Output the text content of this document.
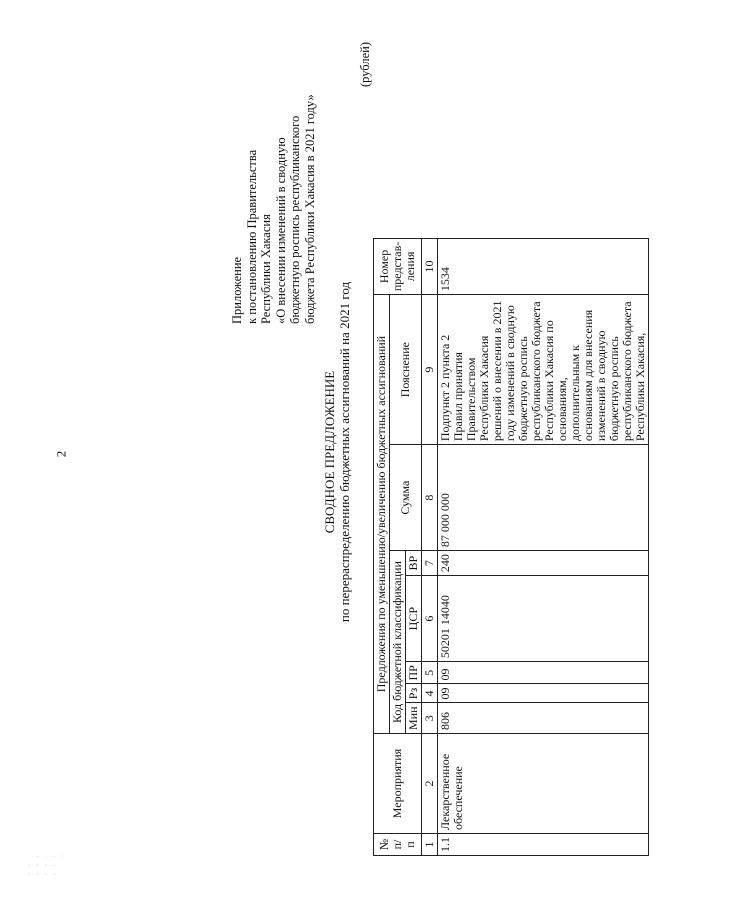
2
Приложение к постановлению Правительства Республики Хакасия «О внесении изменений в сводную бюджетную роспись республиканского бюджета Республики Хакасия в 2021 году»
СВОДНОЕ ПРЕДЛОЖЕНИЕ по перераспределению бюджетных ассигнований на 2021 год
(рублей)
№ п/п	Мероприятия	Предложения по уменьшению/увеличению бюджетных ассигнований							Номер представ-ления
		Код бюджетной классификации					Сумма	Пояснение	
		Мин	Рз	ПР	ЦСР	ВР			
1	2	3	4	5	6	7	8	9	10
1.1	Лекарственное обеспечение	806	09	09	50201 14040	240	87 000 000	Подпункт 2 пункта 2 Правил принятия Правительством Республики Хакасия решений о внесении в 2021 году изменений в сводную бюджетную роспись республиканского бюджета Республики Хакасия по основаниям, дополнительным к основаниям для внесения изменений в сводную бюджетную роспись республиканского бюджета Республики Хакасия,	1534
· ∙ · ∙ ·
∙ · · ∙
· ∙ · ·
